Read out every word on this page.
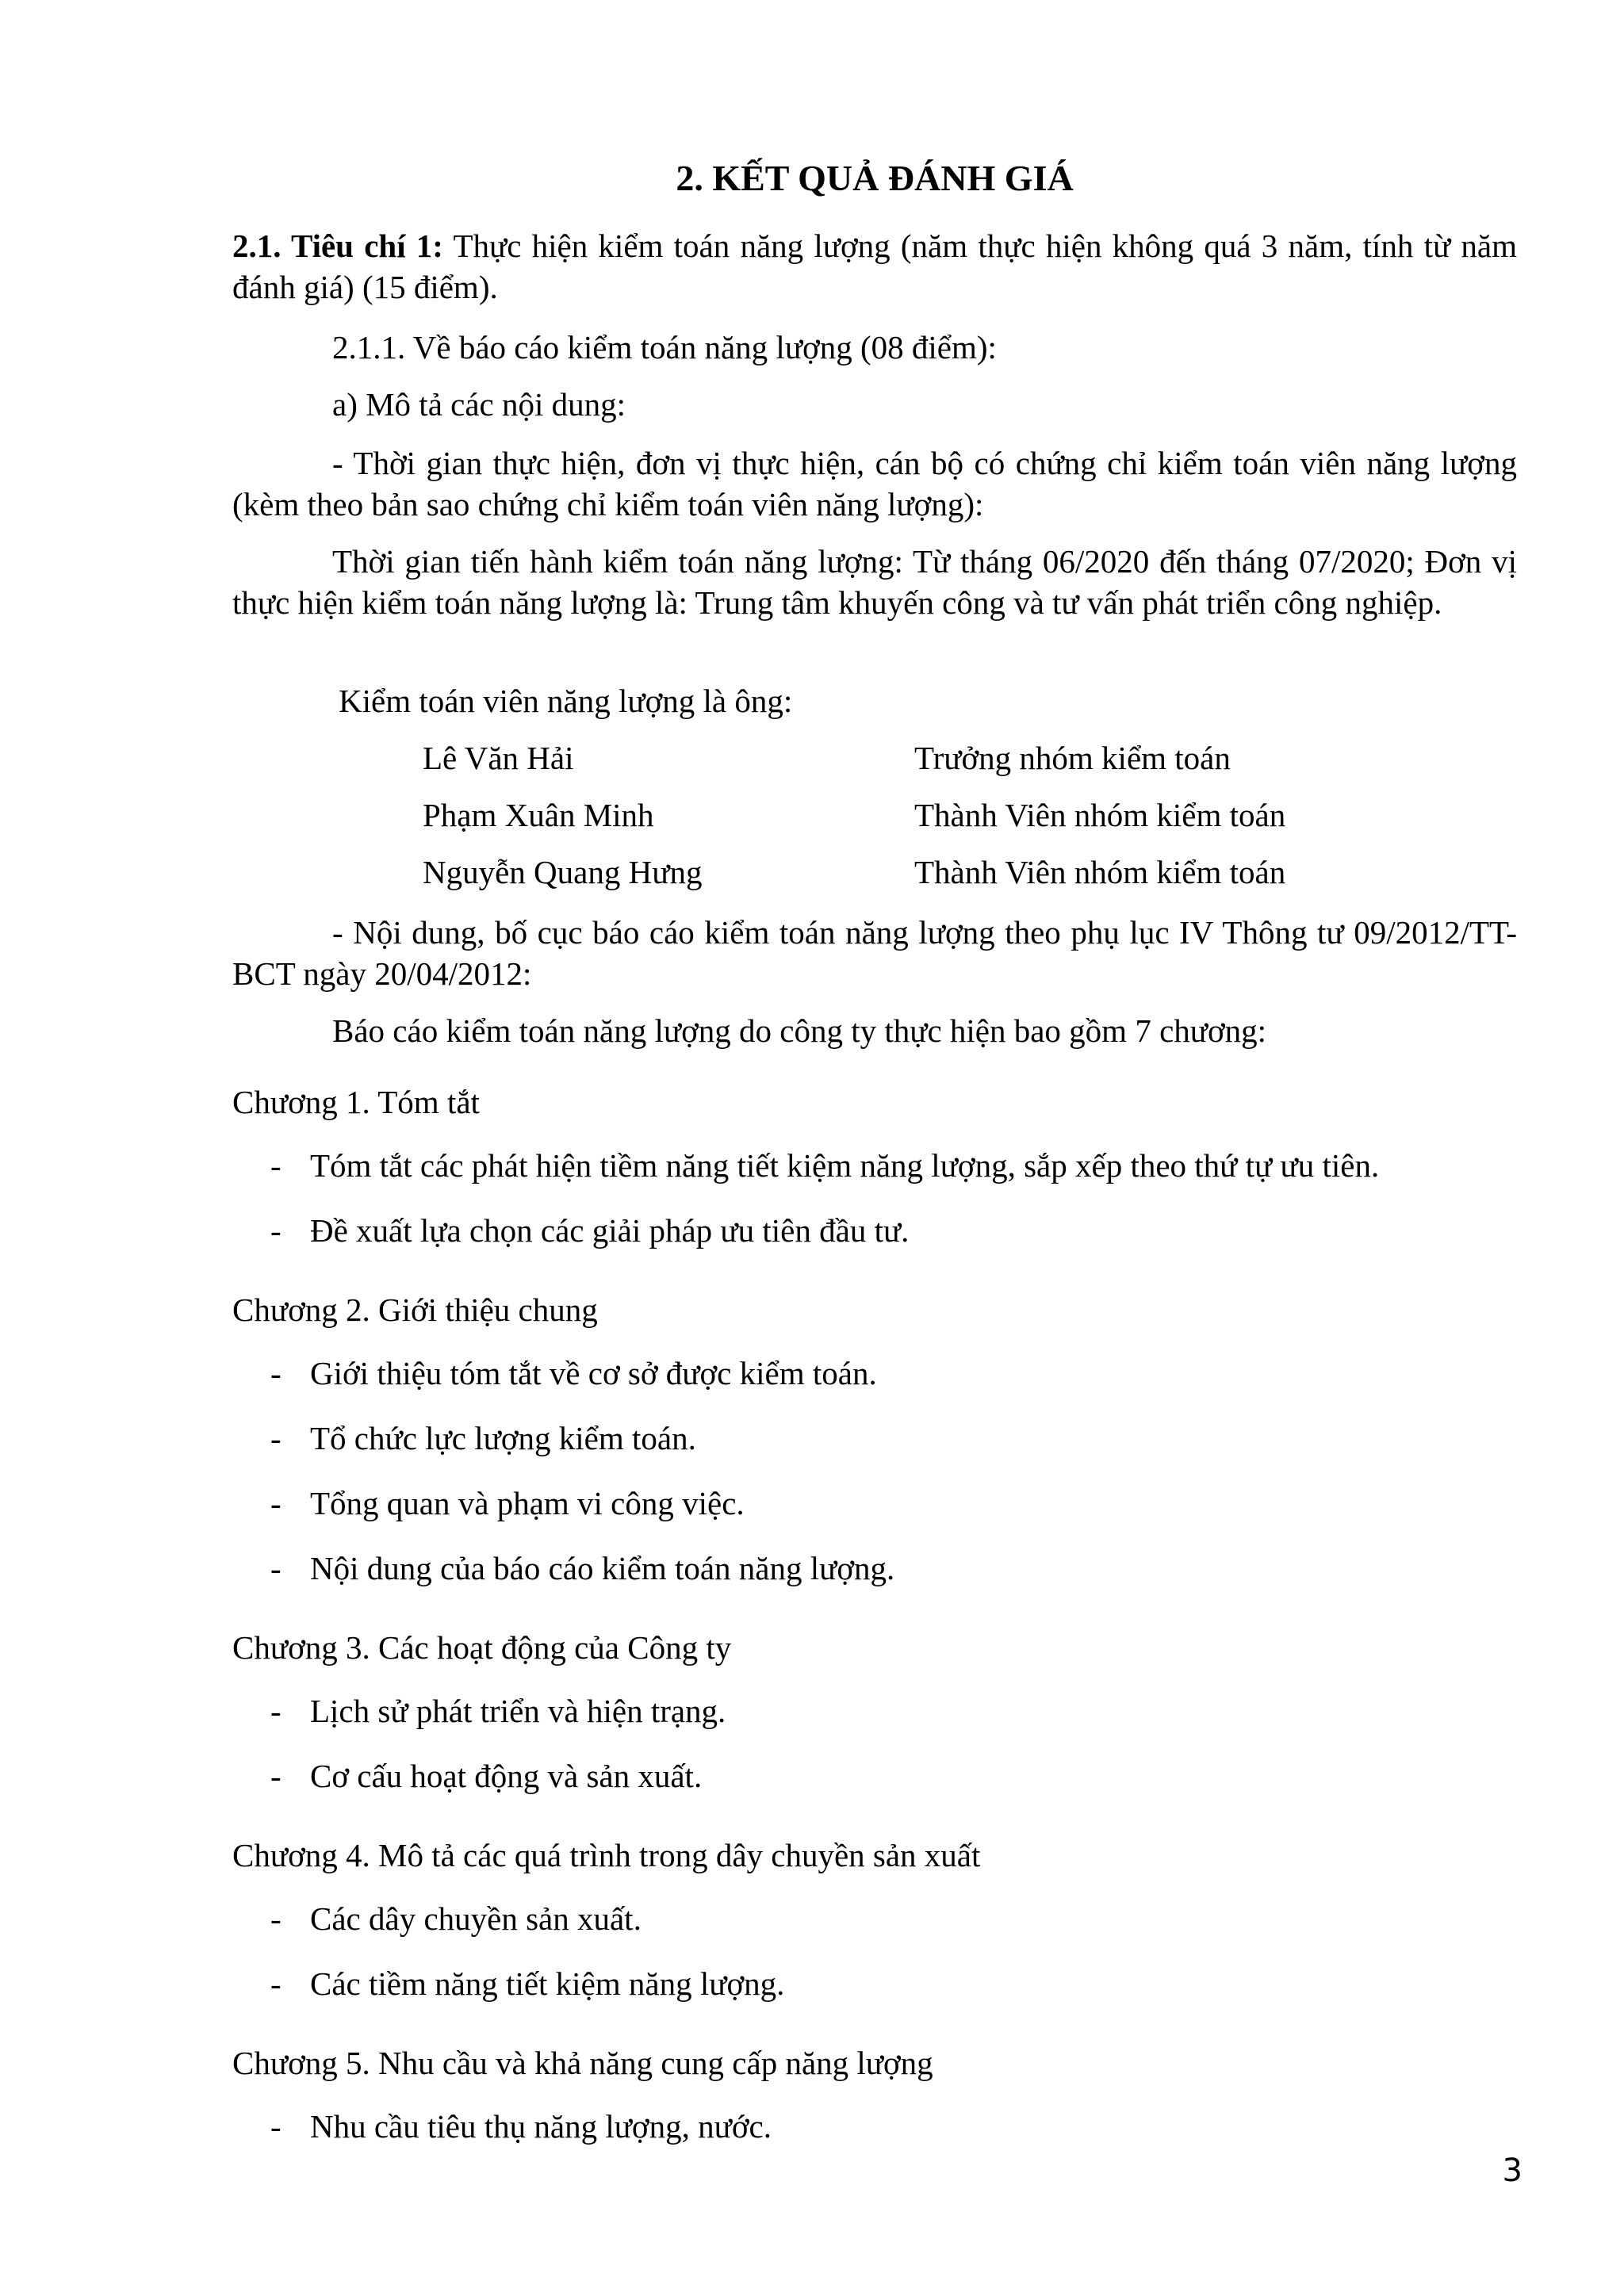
2. KẾT QUẢ ĐÁNH GIÁ
2.1. Tiêu chí 1: Thực hiện kiểm toán năng lượng (năm thực hiện không quá 3 năm, tính từ năm đánh giá) (15 điểm).
2.1.1. Về báo cáo kiểm toán năng lượng (08 điểm):
a) Mô tả các nội dung:
- Thời gian thực hiện, đơn vị thực hiện, cán bộ có chứng chỉ kiểm toán viên năng lượng (kèm theo bản sao chứng chỉ kiểm toán viên năng lượng):
Thời gian tiến hành kiểm toán năng lượng: Từ tháng 06/2020 đến tháng 07/2020; Đơn vị thực hiện kiểm toán năng lượng là: Trung tâm khuyến công và tư vấn phát triển công nghiệp.
Kiểm toán viên năng lượng là ông:
Lê Văn Hải	Trưởng nhóm kiểm toán
Phạm Xuân Minh	Thành Viên nhóm kiểm toán
Nguyễn Quang Hưng	Thành Viên nhóm kiểm toán
- Nội dung, bố cục báo cáo kiểm toán năng lượng theo phụ lục IV Thông tư 09/2012/TT-BCT ngày 20/04/2012:
Báo cáo kiểm toán năng lượng do công ty thực hiện bao gồm 7 chương:
Chương 1. Tóm tắt
- Tóm tắt các phát hiện tiềm năng tiết kiệm năng lượng, sắp xếp theo thứ tự ưu tiên.
- Đề xuất lựa chọn các giải pháp ưu tiên đầu tư.
Chương 2. Giới thiệu chung
- Giới thiệu tóm tắt về cơ sở được kiểm toán.
- Tổ chức lực lượng kiểm toán.
- Tổng quan và phạm vi công việc.
- Nội dung của báo cáo kiểm toán năng lượng.
Chương 3. Các hoạt động của Công ty
- Lịch sử phát triển và hiện trạng.
- Cơ cấu hoạt động và sản xuất.
Chương 4. Mô tả các quá trình trong dây chuyền sản xuất
- Các dây chuyền sản xuất.
- Các tiềm năng tiết kiệm năng lượng.
Chương 5. Nhu cầu và khả năng cung cấp năng lượng
- Nhu cầu tiêu thụ năng lượng, nước.
3
